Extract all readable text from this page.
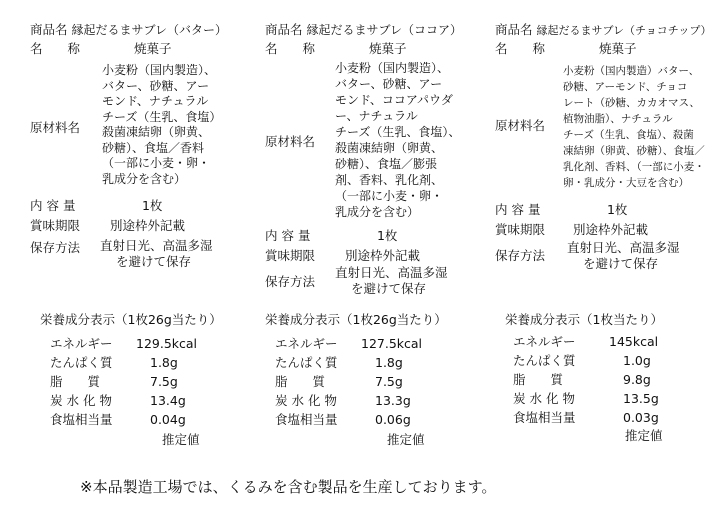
商品名 縁起だるまサブレ（バター）
名　　称	焼菓子
原材料名
小麦粉（国内製造）、
バター、砂糖、アー
モンド、ナチュラル
チーズ（生乳、食塩）
殺菌凍結卵（卵黄、
砂糖）、食塩／香料
（一部に小麦・卵・
乳成分を含む）
内 容 量	1枚
賞味期限 別途枠外記載
保存方法 直射日光、高温多湿
を避けて保存
栄養成分表示（1枚26g当たり）
エネルギー 129.5kcal
たんぱく質	1.8g
脂　　質	7.5g
炭 水 化 物	13.4g
食塩相当量	0.04g
推定値
商品名 縁起だるまサブレ（ココア）
名　　称	焼菓子
原材料名
小麦粉（国内製造）、
バター、砂糖、アー
モンド、ココアパウダ
ー、ナチュラル
チーズ（生乳、食塩）、
殺菌凍結卵（卵黄、
砂糖）、食塩／膨張
剤、香料、乳化剤、
（一部に小麦・卵・
乳成分を含む）
内 容 量	1枚
賞味期限 別途枠外記載
保存方法
直射日光、高温多湿
を避けて保存
栄養成分表示（1枚26g当たり）
エネルギー 127.5kcal
たんぱく質	1.8g
脂　　質	7.5g
炭 水 化 物	13.3g
食塩相当量	0.06g
推定値
商品名 縁起だるまサブレ（チョコチップ）
名　　称	焼菓子
原材料名
小麦粉（国内製造）バター、
砂糖、アーモンド、チョコ
レート（砂糖、カカオマス、
植物油脂）、ナチュラル
チーズ（生乳、食塩）、殺菌
凍結卵（卵黄、砂糖）、食塩／
乳化剤、香料、（一部に小麦・
卵・乳成分・大豆を含む）
内 容 量	1枚
賞味期限 別途枠外記載
保存方法
直射日光、高温多湿
を避けて保存
栄養成分表示（1枚当たり）
エネルギー	145kcal
たんぱく質	1.0g
脂　　質	9.8g
炭 水 化 物	13.5g
食塩相当量	0.03g
推定値
※本品製造工場では、くるみを含む製品を生産しております。
